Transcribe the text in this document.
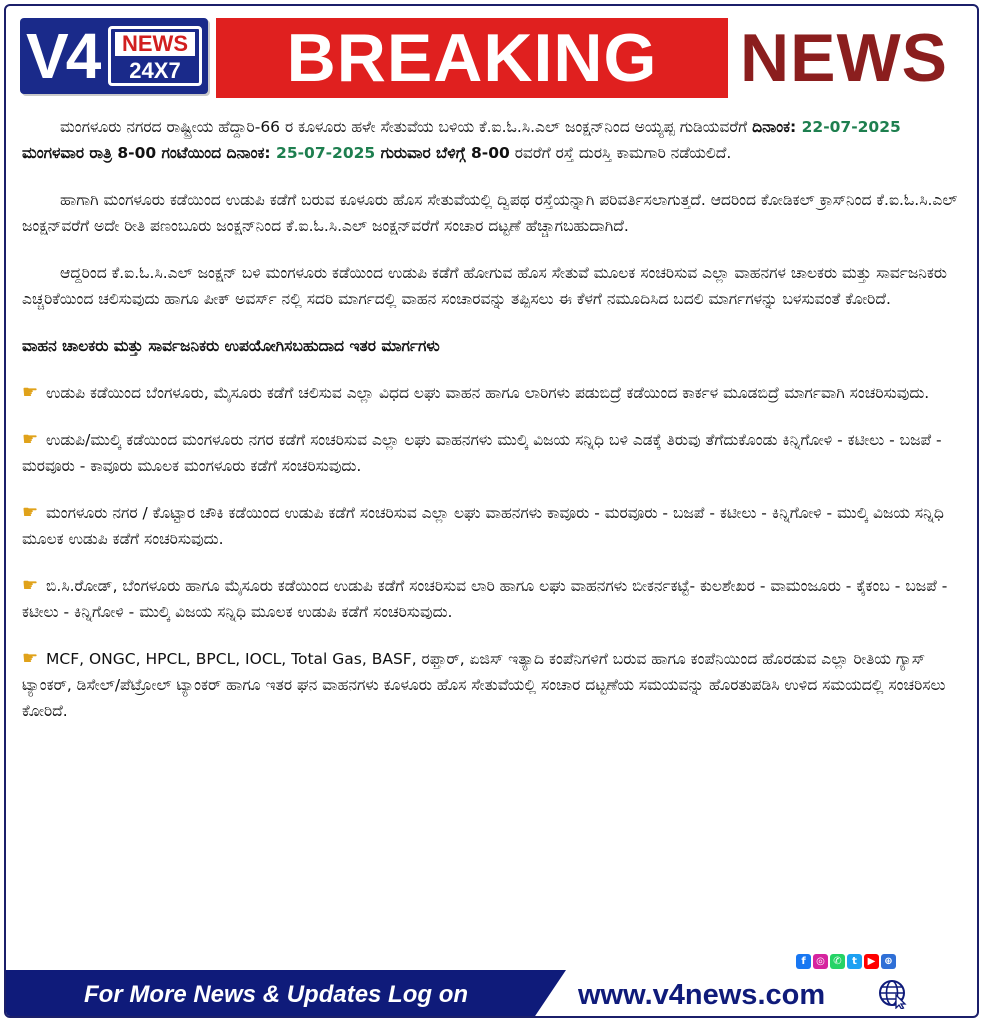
V4	NEWS
24X7	BREAKING	NEWS

ಮಂಗಳೂರು ನಗರದ ರಾಷ್ಟ್ರೀಯ ಹೆದ್ದಾರಿ-66 ರ ಕೂಳೂರು ಹಳೇ ಸೇತುವೆಯ ಬಳಿಯ ಕೆ.ಐ.ಓ.ಸಿ.ಎಲ್ ಜಂಕ್ಷನ್‌ನಿಂದ ಅಯ್ಯಪ್ಪ ಗುಡಿಯವರೆಗೆ ದಿನಾಂಕ: 22-07-2025 ಮಂಗಳವಾರ ರಾತ್ರಿ 8-00 ಗಂಟೆಯಿಂದ ದಿನಾಂಕ: 25-07-2025 ಗುರುವಾರ ಬೆಳಿಗ್ಗೆ 8-00 ರವರೆಗೆ ರಸ್ತೆ ದುರಸ್ತಿ ಕಾಮಗಾರಿ ನಡೆಯಲಿದೆ.

ಹಾಗಾಗಿ ಮಂಗಳೂರು ಕಡೆಯಿಂದ ಉಡುಪಿ ಕಡೆಗೆ ಬರುವ ಕೂಳೂರು ಹೊಸ ಸೇತುವೆಯಲ್ಲಿ ದ್ವಿಪಥ ರಸ್ತೆಯನ್ನಾಗಿ ಪರಿವರ್ತಿಸಲಾಗುತ್ತದೆ. ಆದರಿಂದ ಕೋಡಿಕಲ್ ಕ್ರಾಸ್‌ನಿಂದ ಕೆ.ಐ.ಓ.ಸಿ.ಎಲ್ ಜಂಕ್ಷನ್‌ವರೆಗೆ ಅದೇ ರೀತಿ ಪಣಂಬೂರು ಜಂಕ್ಷನ್‌ನಿಂದ ಕೆ.ಐ.ಓ.ಸಿ.ಎಲ್ ಜಂಕ್ಷನ್‌ವರೆಗೆ ಸಂಚಾರ ದಟ್ಟಣೆ ಹೆಚ್ಚಾಗಬಹುದಾಗಿದೆ.

ಆದ್ದರಿಂದ ಕೆ.ಐ.ಓ.ಸಿ.ಎಲ್ ಜಂಕ್ಷನ್ ಬಳಿ ಮಂಗಳೂರು ಕಡೆಯಿಂದ ಉಡುಪಿ ಕಡೆಗೆ ಹೋಗುವ ಹೊಸ ಸೇತುವೆ ಮೂಲಕ ಸಂಚರಿಸುವ ಎಲ್ಲಾ ವಾಹನಗಳ ಚಾಲಕರು ಮತ್ತು ಸಾರ್ವಜನಿಕರು ಎಚ್ಚರಿಕೆಯಿಂದ ಚಲಿಸುವುದು ಹಾಗೂ ಪೀಕ್ ಅವರ್ಸ್ ನಲ್ಲಿ ಸದರಿ ಮಾರ್ಗದಲ್ಲಿ ವಾಹನ ಸಂಚಾರವನ್ನು ತಪ್ಪಿಸಲು ಈ ಕೆಳಗೆ ನಮೂದಿಸಿದ ಬದಲಿ ಮಾರ್ಗಗಳನ್ನು ಬಳಸುವಂತೆ ಕೋರಿದೆ.

ವಾಹನ ಚಾಲಕರು ಮತ್ತು ಸಾರ್ವಜನಿಕರು ಉಪಯೋಗಿಸಬಹುದಾದ ಇತರ ಮಾರ್ಗಗಳು

☛ ಉಡುಪಿ ಕಡೆಯಿಂದ ಬೆಂಗಳೂರು, ಮೈಸೂರು ಕಡೆಗೆ ಚಲಿಸುವ ಎಲ್ಲಾ ವಿಧದ ಲಘು ವಾಹನ ಹಾಗೂ ಲಾರಿಗಳು ಪಡುಬಿದ್ರೆ ಕಡೆಯಿಂದ ಕಾರ್ಕಳ ಮೂಡಬಿದ್ರೆ ಮಾರ್ಗವಾಗಿ ಸಂಚರಿಸುವುದು.

☛ ಉಡುಪಿ/ಮುಲ್ಕಿ ಕಡೆಯಿಂದ ಮಂಗಳೂರು ನಗರ ಕಡೆಗೆ ಸಂಚರಿಸುವ ಎಲ್ಲಾ ಲಘು ವಾಹನಗಳು ಮುಲ್ಕಿ ವಿಜಯ ಸನ್ನಿಧಿ ಬಳಿ ಎಡಕ್ಕೆ ತಿರುವು ತೆಗೆದುಕೊಂಡು ಕಿನ್ನಿಗೋಳಿ - ಕಟೀಲು - ಬಜಪೆ - ಮರವೂರು - ಕಾವೂರು ಮೂಲಕ ಮಂಗಳೂರು ಕಡೆಗೆ ಸಂಚರಿಸುವುದು.

☛ ಮಂಗಳೂರು ನಗರ / ಕೊಟ್ಟಾರ ಚೌಕಿ ಕಡೆಯಿಂದ ಉಡುಪಿ ಕಡೆಗೆ ಸಂಚರಿಸುವ ಎಲ್ಲಾ ಲಘು ವಾಹನಗಳು ಕಾವೂರು - ಮರವೂರು - ಬಜಪೆ - ಕಟೀಲು - ಕಿನ್ನಿಗೋಳಿ - ಮುಲ್ಕಿ ವಿಜಯ ಸನ್ನಿಧಿ ಮೂಲಕ ಉಡುಪಿ ಕಡೆಗೆ ಸಂಚರಿಸುವುದು.

☛ ಬಿ.ಸಿ.ರೋಡ್, ಬೆಂಗಳೂರು ಹಾಗೂ ಮೈಸೂರು ಕಡೆಯಿಂದ ಉಡುಪಿ ಕಡೆಗೆ ಸಂಚರಿಸುವ ಲಾರಿ ಹಾಗೂ ಲಘು ವಾಹನಗಳು ಬೀಕರ್ನಕಟ್ಟೆ- ಕುಲಶೇಖರ - ವಾಮಂಜೂರು - ಕೈಕಂಬ - ಬಜಪೆ - ಕಟೀಲು - ಕಿನ್ನಿಗೋಳಿ - ಮುಲ್ಕಿ ವಿಜಯ ಸನ್ನಿಧಿ ಮೂಲಕ ಉಡುಪಿ ಕಡೆಗೆ ಸಂಚರಿಸುವುದು.

☛ MCF, ONGC, HPCL, BPCL, IOCL, Total Gas, BASF, ರಫ್ತಾರ್, ಏಜಿಸ್ ಇತ್ಯಾದಿ ಕಂಪೆನಿಗಳಿಗೆ ಬರುವ ಹಾಗೂ ಕಂಪೆನಿಯಿಂದ ಹೊರಡುವ ಎಲ್ಲಾ ರೀತಿಯ ಗ್ಯಾಸ್ ಟ್ಯಾಂಕರ್, ಡಿಸೇಲ್/ಪೆಟ್ರೋಲ್ ಟ್ಯಾಂಕರ್ ಹಾಗೂ ಇತರ ಘನ ವಾಹನಗಳು ಕೂಳೂರು ಹೊಸ ಸೇತುವೆಯಲ್ಲಿ ಸಂಚಾರ ದಟ್ಟಣೆಯ ಸಮಯವನ್ನು ಹೊರತುಪಡಿಸಿ ಉಳಿದ ಸಮಯದಲ್ಲಿ ಸಂಚರಿಸಲು ಕೋರಿದೆ.

f	◎ ✆	t	▶ ⊕
For More News & Updates Log on	www.v4news.com
